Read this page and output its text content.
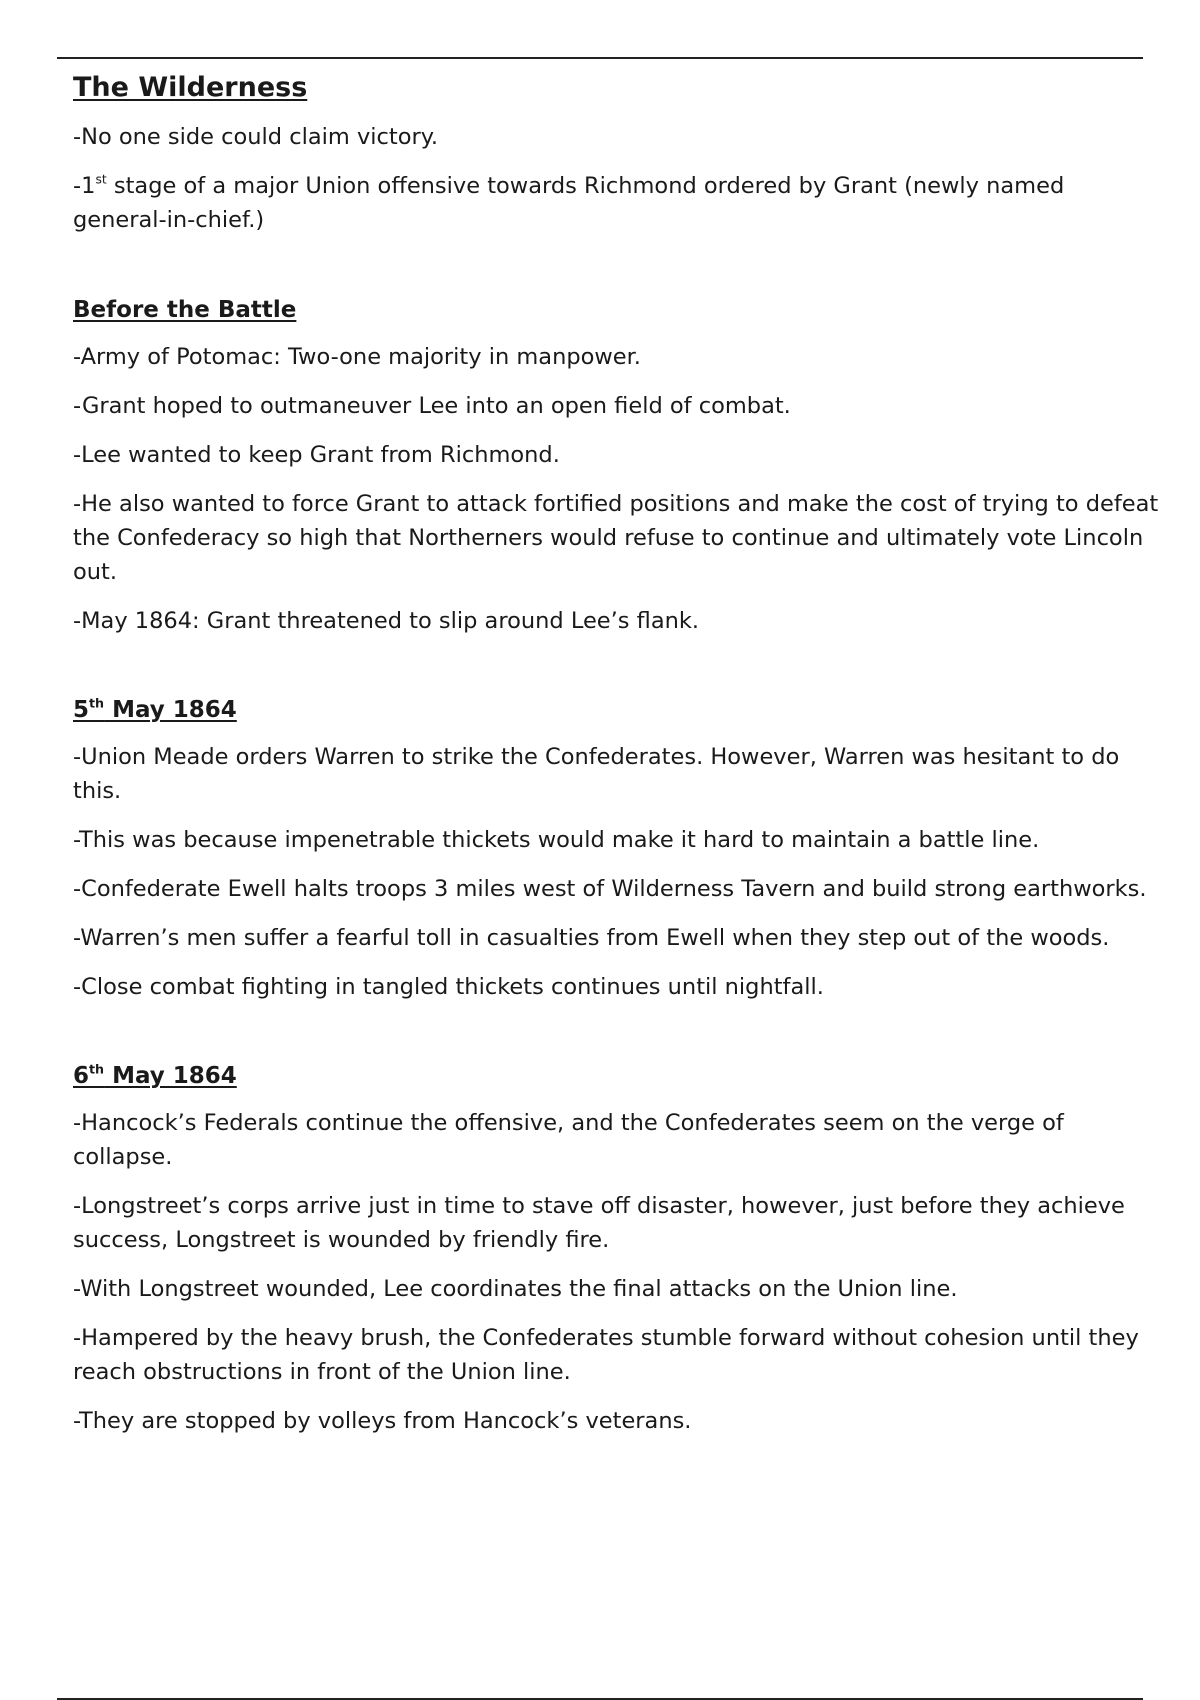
The Wilderness

-No one side could claim victory.

-1st stage of a major Union offensive towards Richmond ordered by Grant (newly named general-in-chief.)

Before the Battle

-Army of Potomac: Two-one majority in manpower.

-Grant hoped to outmaneuver Lee into an open field of combat.

-Lee wanted to keep Grant from Richmond.

-He also wanted to force Grant to attack fortified positions and make the cost of trying to defeat the Confederacy so high that Northerners would refuse to continue and ultimately vote Lincoln out.

-May 1864: Grant threatened to slip around Lee’s flank.

5th May 1864

-Union Meade orders Warren to strike the Confederates. However, Warren was hesitant to do this.

-This was because impenetrable thickets would make it hard to maintain a battle line.

-Confederate Ewell halts troops 3 miles west of Wilderness Tavern and build strong earthworks.

-Warren’s men suffer a fearful toll in casualties from Ewell when they step out of the woods.

-Close combat fighting in tangled thickets continues until nightfall.

6th May 1864

-Hancock’s Federals continue the offensive, and the Confederates seem on the verge of collapse.

-Longstreet’s corps arrive just in time to stave off disaster, however, just before they achieve success, Longstreet is wounded by friendly fire.

-With Longstreet wounded, Lee coordinates the final attacks on the Union line.

-Hampered by the heavy brush, the Confederates stumble forward without cohesion until they reach obstructions in front of the Union line.

-They are stopped by volleys from Hancock’s veterans.
